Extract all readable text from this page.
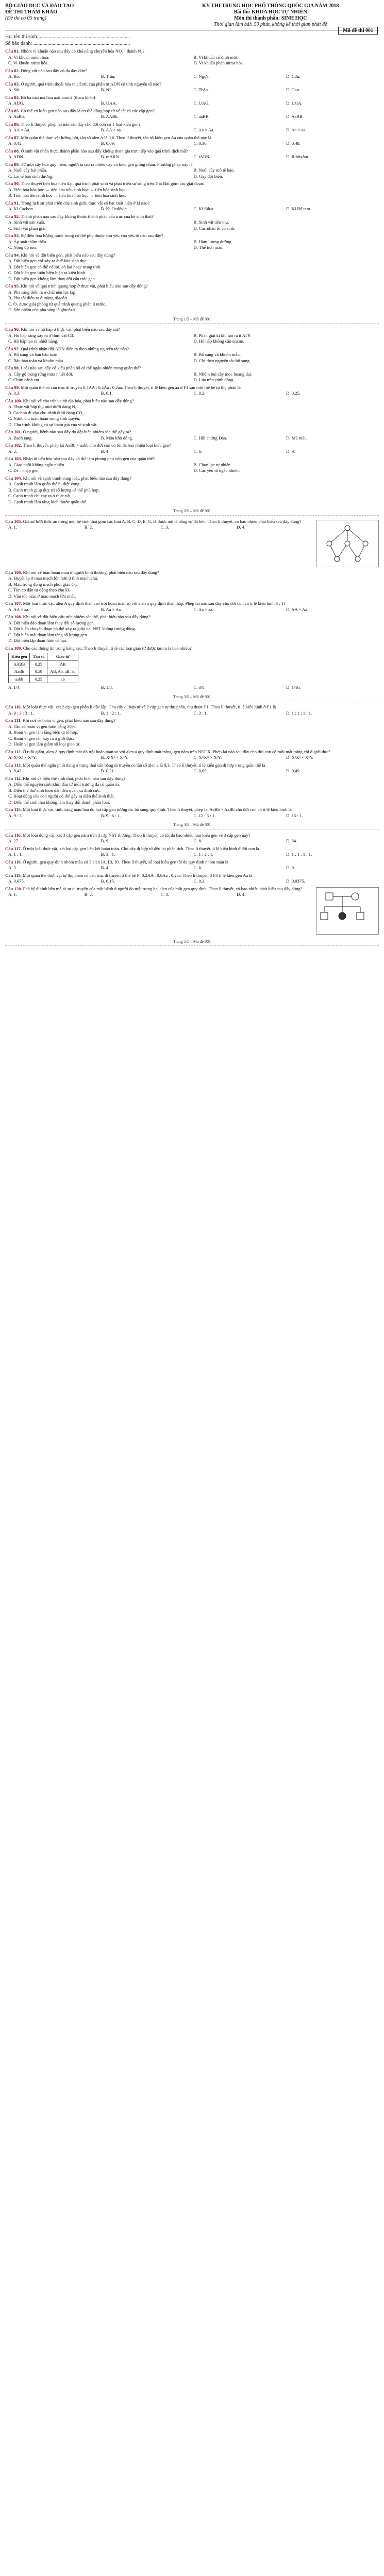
BỘ GIÁO DỤC VÀ ĐÀO TẠO
ĐỀ THI THAM KHẢO
(Đề thi có 05 trang)
KỲ THI TRUNG HỌC PHỔ THÔNG QUỐC GIA NĂM 2018
Bài thi: KHOA HỌC TỰ NHIÊN
Môn thi thành phần: SINH HỌC
Thời gian làm bài: 50 phút, không kể thời gian phát đề
Mã đề thi 001
Họ, tên thí sinh: ......................................................................
Số báo danh: ...........................................................................
Câu 81. Nhóm vi khuẩn nào sau đây có khả năng chuyển hóa NO₃⁻ thành N₂?
A. Vi khuẩn amôn hóa.	B. Vi khuẩn cố định nitơ.
C. Vi khuẩn nitrat hóa.	D. Vi khuẩn phản nitrat hóa.
Câu 82. Động vật nào sau đây có dạ dày đơn?
A. Bò.	B. Trâu.	C. Ngựa.	D. Cừu.
Câu 83. Ở người, quá trình thoái hóa nuclêotit của phân tử ADN có tính nguyên tố nào?
A. Sắt.	B. N2.	C. Thận.	D. Gan.
Câu 84. Bộ ba nào mã hóa axit amin? (tham khảo)
A. AUG.	B. UAA.	C. UAG.	D. UGA.
Câu 85. Cơ thể có kiểu gen nào sau đây là cơ thể đồng hợp tử về tất cả các cặp gen?
A. AaBb.	B. AABb.	C. aaBB.	D. AaBB.
Câu 86. Theo lí thuyết, phép lai nào sau đây cho đời con có 1 loại kiểu gen?
A. AA × Aa.	B. AA × aa.	C. Aa × Aa.	D. Aa × aa.
Câu 87. Một quần thể thực vật lưỡng bội, tần số alen A là 0,6. Theo lí thuyết, tần số kiểu gen Aa của quần thể này là
A. 0,42.	B. 0,09.	C. 0,30.	D. 0,48.
Câu 88. Ở sinh vật nhân thực, thành phần nào sau đây không tham gia trực tiếp vào quá trình dịch mã?
A. ADN.	B. mARN.	C. tARN.	D. Ribôxôm.
Câu 89. Từ một cây hoa quý hiếm, người ta tạo ra nhiều cây có kiểu gen giống nhau. Phương pháp này là
A. Nuôi cấy hạt phấn.	B. Nuôi cấy mô tế bào.
C. Lai tế bào sinh dưỡng.	D. Gây đột biến.
Câu 90. Theo thuyết tiến hóa hiện đại, quá trình phát sinh và phát triển sự sống trên Trái Đất gồm các giai đoạn:
A. Tiến hóa hóa học → tiến hóa tiền sinh học → tiến hóa sinh học.
B. Tiến hóa tiền sinh học → tiến hóa hóa học → tiến hóa sinh học.
Câu 91. Trong lịch sử phát triển của sinh giới, thực vật có hạt xuất hiện ở kỉ nào?
A. Kỉ Cacbon.	B. Kỉ Ocđôvic.	C. Kỉ Silua.	D. Kỉ Đệ tam.
Câu 92. Thành phần nào sau đây không thuộc thành phần cấu trúc của hệ sinh thái?
A. Sinh vật sản xuất.	B. Sinh vật tiêu thụ.
C. Sinh vật phân giải.	D. Các nhân tố vô sinh.
Câu 93. Sự điều hòa lượng nước trong cơ thể phụ thuộc chủ yếu vào yếu tố nào sau đây?
A. Áp suất thẩm thấu.	B. Hàm lượng đường.
C. Nồng độ ion.	D. Thể tích máu.
Câu 94. Khi nói về đột biến gen, phát biểu nào sau đây đúng?
A. Đột biến gen chỉ xảy ra ở tế bào sinh dục.
B. Đột biến gen có thể có lợi, có hại hoặc trung tính.
C. Đột biến gen luôn biểu hiện ra kiểu hình.
D. Đột biến gen không làm thay đổi cấu trúc gen.
Câu 95. Khi nói về quá trình quang hợp ở thực vật, phát biểu nào sau đây đúng?
A. Pha sáng diễn ra ở chất nền lục lạp.
B. Pha tối diễn ra ở màng tilacôit.
C. O₂ được giải phóng từ quá trình quang phân li nước.
D. Sản phẩm của pha sáng là glucôzơ.
Trang 1/5 – Mã đề 001
Câu 96. Khi nói về hô hấp ở thực vật, phát biểu nào sau đây sai?
A. Hô hấp sáng xảy ra ở thực vật C3.	B. Phân giải kị khí tạo ra ít ATP.
C. Hô hấp tạo ra nhiệt năng.	D. Hô hấp không cần enzim.
Câu 97. Quá trình nhân đôi ADN diễn ra theo những nguyên tắc nào?
A. Bổ sung và bán bảo toàn.	B. Bổ sung và khuôn mẫu.
C. Bán bảo toàn và khuôn mẫu.	D. Chỉ theo nguyên tắc bổ sung.
Câu 98. Loài nào sau đây có kiểu phân bố cá thể ngẫu nhiên trong quần thể?
A. Cây gỗ trong rừng mưa nhiệt đới.	B. Nhóm bụi cây mọc hoang dại.
C. Chim cánh cụt.	D. Lúa trên cánh đồng.
Câu 99. Một quần thể có cấu trúc di truyền 0,4AA : 0,4Aa : 0,2aa. Theo lí thuyết, tỉ lệ kiểu gen aa ở F1 sau một thế hệ tự thụ phấn là
A. 0,3.	B. 0,1.	C. 0,2.	D. 0,25.
Câu 100. Khi nói về chu trình sinh địa hóa, phát biểu nào sau đây đúng?
A. Thực vật hấp thụ nitơ dưới dạng N₂.
B. Cacbon đi vào chu trình dưới dạng CO₂.
C. Nước chỉ tuần hoàn trong sinh quyển.
D. Chu trình không có sự tham gia của vi sinh vật.
Câu 101. Ở người, bệnh nào sau đây do đột biến nhiễm sắc thể gây ra?
A. Bạch tạng.	B. Máu khó đông.	C. Hội chứng Đao.	D. Mù màu.
Câu 102. Theo lí thuyết, phép lai AaBb × aabb cho đời con có tối đa bao nhiêu loại kiểu gen?
A. 2.	B. 4.	C. 6.	D. 9.
Câu 103. Nhân tố tiến hóa nào sau đây có thể làm phong phú vốn gen của quần thể?
A. Giao phối không ngẫu nhiên.	B. Chọn lọc tự nhiên.
C. Di – nhập gen.	D. Các yếu tố ngẫu nhiên.
Câu 104. Khi nói về cạnh tranh cùng loài, phát biểu nào sau đây đúng?
A. Cạnh tranh làm quần thể bị diệt vong.
B. Cạnh tranh giúp duy trì số lượng cá thể phù hợp.
C. Cạnh tranh chỉ xảy ra ở thực vật.
D. Cạnh tranh làm tăng kích thước quần thể.
Trang 2/5 – Mã đề 001
Câu 105. Giả sử lưới thức ăn trong một hệ sinh thái gồm các loài A, B, C, D, E, G, H được mô tả bằng sơ đồ bên. Theo lí thuyết, có bao nhiêu phát biểu sau đây đúng?
A. 1.	B. 2.	C. 3.	D. 4.
Câu 106. Khi nói về tuần hoàn máu ở người bình thường, phát biểu nào sau đây đúng?
A. Huyết áp ở mao mạch lớn hơn ở tĩnh mạch chủ.
B. Máu trong động mạch phổi giàu O₂.
C. Tim co dãn tự động theo chu kì.
D. Vận tốc máu ở mao mạch lớn nhất.
Câu 107. Một loài thực vật, alen A quy định thân cao trội hoàn toàn so với alen a quy định thân thấp. Phép lai nào sau đây cho đời con có tỉ lệ kiểu hình 3 : 1?
A. AA × aa.	B. Aa × Aa.	C. Aa × aa.	D. AA × Aa.
Câu 108. Khi nói về đột biến cấu trúc nhiễm sắc thể, phát biểu nào sau đây đúng?
A. Đột biến đảo đoạn làm thay đổi số lượng gen.
B. Đột biến chuyển đoạn có thể xảy ra giữa hai NST không tương đồng.
C. Đột biến mất đoạn làm tăng số lượng gen.
D. Đột biến lặp đoạn luôn có hại.
Câu 109. Cho các thông tin trong bảng sau. Theo lí thuyết, tỉ lệ các loại giao tử được tạo ra là bao nhiêu?
Kiểu gen	Tần số	Giao tử
AABB	0,25	AB
AaBb	0,50	AB, Ab, aB, ab
aabb	0,25	ab
A. 1/4.	B. 1/8.	C. 3/8.	D. 1/16.
Trang 3/5 – Mã đề 001
Câu 110. Một loài thực vật, xét 2 cặp gen phân li độc lập. Cho cây dị hợp tử về 2 cặp gen tự thụ phấn, thu được F1. Theo lí thuyết, tỉ lệ kiểu hình ở F1 là
A. 9 : 3 : 3 : 1.	B. 1 : 2 : 1.	C. 3 : 1.	D. 1 : 1 : 1 : 1.
Câu 111. Khi nói về hoán vị gen, phát biểu nào sau đây đúng?
A. Tần số hoán vị gen luôn bằng 50%.
B. Hoán vị gen làm tăng biến dị tổ hợp.
C. Hoán vị gen chỉ xảy ra ở giới đực.
D. Hoán vị gen làm giảm số loại giao tử.
Câu 112. Ở ruồi giấm, alen A quy định mắt đỏ trội hoàn toàn so với alen a quy định mắt trắng, gen nằm trên NST X. Phép lai nào sau đây cho đời con có ruồi mắt trắng chỉ ở giới đực?
A. XᴬXᵃ × XᴬY.	B. XᵃXᵃ × XᴬY.	C. XᴬXᴬ × XᵃY.	D. XᵃXᵃ × XᵃY.
Câu 113. Một quần thể ngẫu phối đang ở trạng thái cân bằng di truyền có tần số alen a là 0,3. Theo lí thuyết, tỉ lệ kiểu gen dị hợp trong quần thể là
A. 0,42.	B. 0,21.	C. 0,09.	D. 0,49.
Câu 114. Khi nói về diễn thế sinh thái, phát biểu nào sau đây đúng?
A. Diễn thế nguyên sinh khởi đầu từ môi trường đã có quần xã.
B. Diễn thế thứ sinh luôn dẫn đến quần xã đỉnh cực.
C. Hoạt động của con người có thể gây ra diễn thế sinh thái.
D. Diễn thế sinh thái không làm thay đổi thành phần loài.
Câu 115. Một loài thực vật, tính trạng màu hoa do hai cặp gen tương tác bổ sung quy định. Theo lí thuyết, phép lai AaBb × AaBb cho đời con có tỉ lệ kiểu hình là
A. 9 : 7.	B. 9 : 6 : 1.	C. 12 : 3 : 1.	D. 15 : 1.
Trang 4/5 – Mã đề 001
Câu 116. Một loài động vật, xét 3 cặp gen nằm trên 3 cặp NST thường. Theo lí thuyết, có tối đa bao nhiêu loại kiểu gen về 3 cặp gen này?
A. 27.	B. 9.	C. 8.	D. 64.
Câu 117. Ở một loài thực vật, xét hai cặp gen liên kết hoàn toàn. Cho cây dị hợp tử đều lai phân tích. Theo lí thuyết, tỉ lệ kiểu hình ở đời con là
A. 1 : 1.	B. 3 : 1.	C. 1 : 2 : 1.	D. 1 : 1 : 1 : 1.
Câu 118. Ở người, gen quy định nhóm máu có 3 alen IA, IB, IO. Theo lí thuyết, số loại kiểu gen tối đa quy định nhóm máu là
A. 3.	B. 4.	C. 6.	D. 9.
Câu 119. Một quần thể thực vật tự thụ phấn có cấu trúc di truyền ở thế hệ P: 0,2AA : 0,6Aa : 0,2aa. Theo lí thuyết, ở F3 tỉ lệ kiểu gen Aa là
A. 0,075.	B. 0,15.	C. 0,3.	D. 0,0375.
Câu 120. Phả hệ ở hình bên mô tả sự di truyền của một bệnh ở người do một trong hai alen của một gen quy định. Theo lí thuyết, có bao nhiêu phát biểu sau đây đúng?
A. 1.	B. 2.	C. 3.	D. 4.
Trang 5/5 – Mã đề 001
